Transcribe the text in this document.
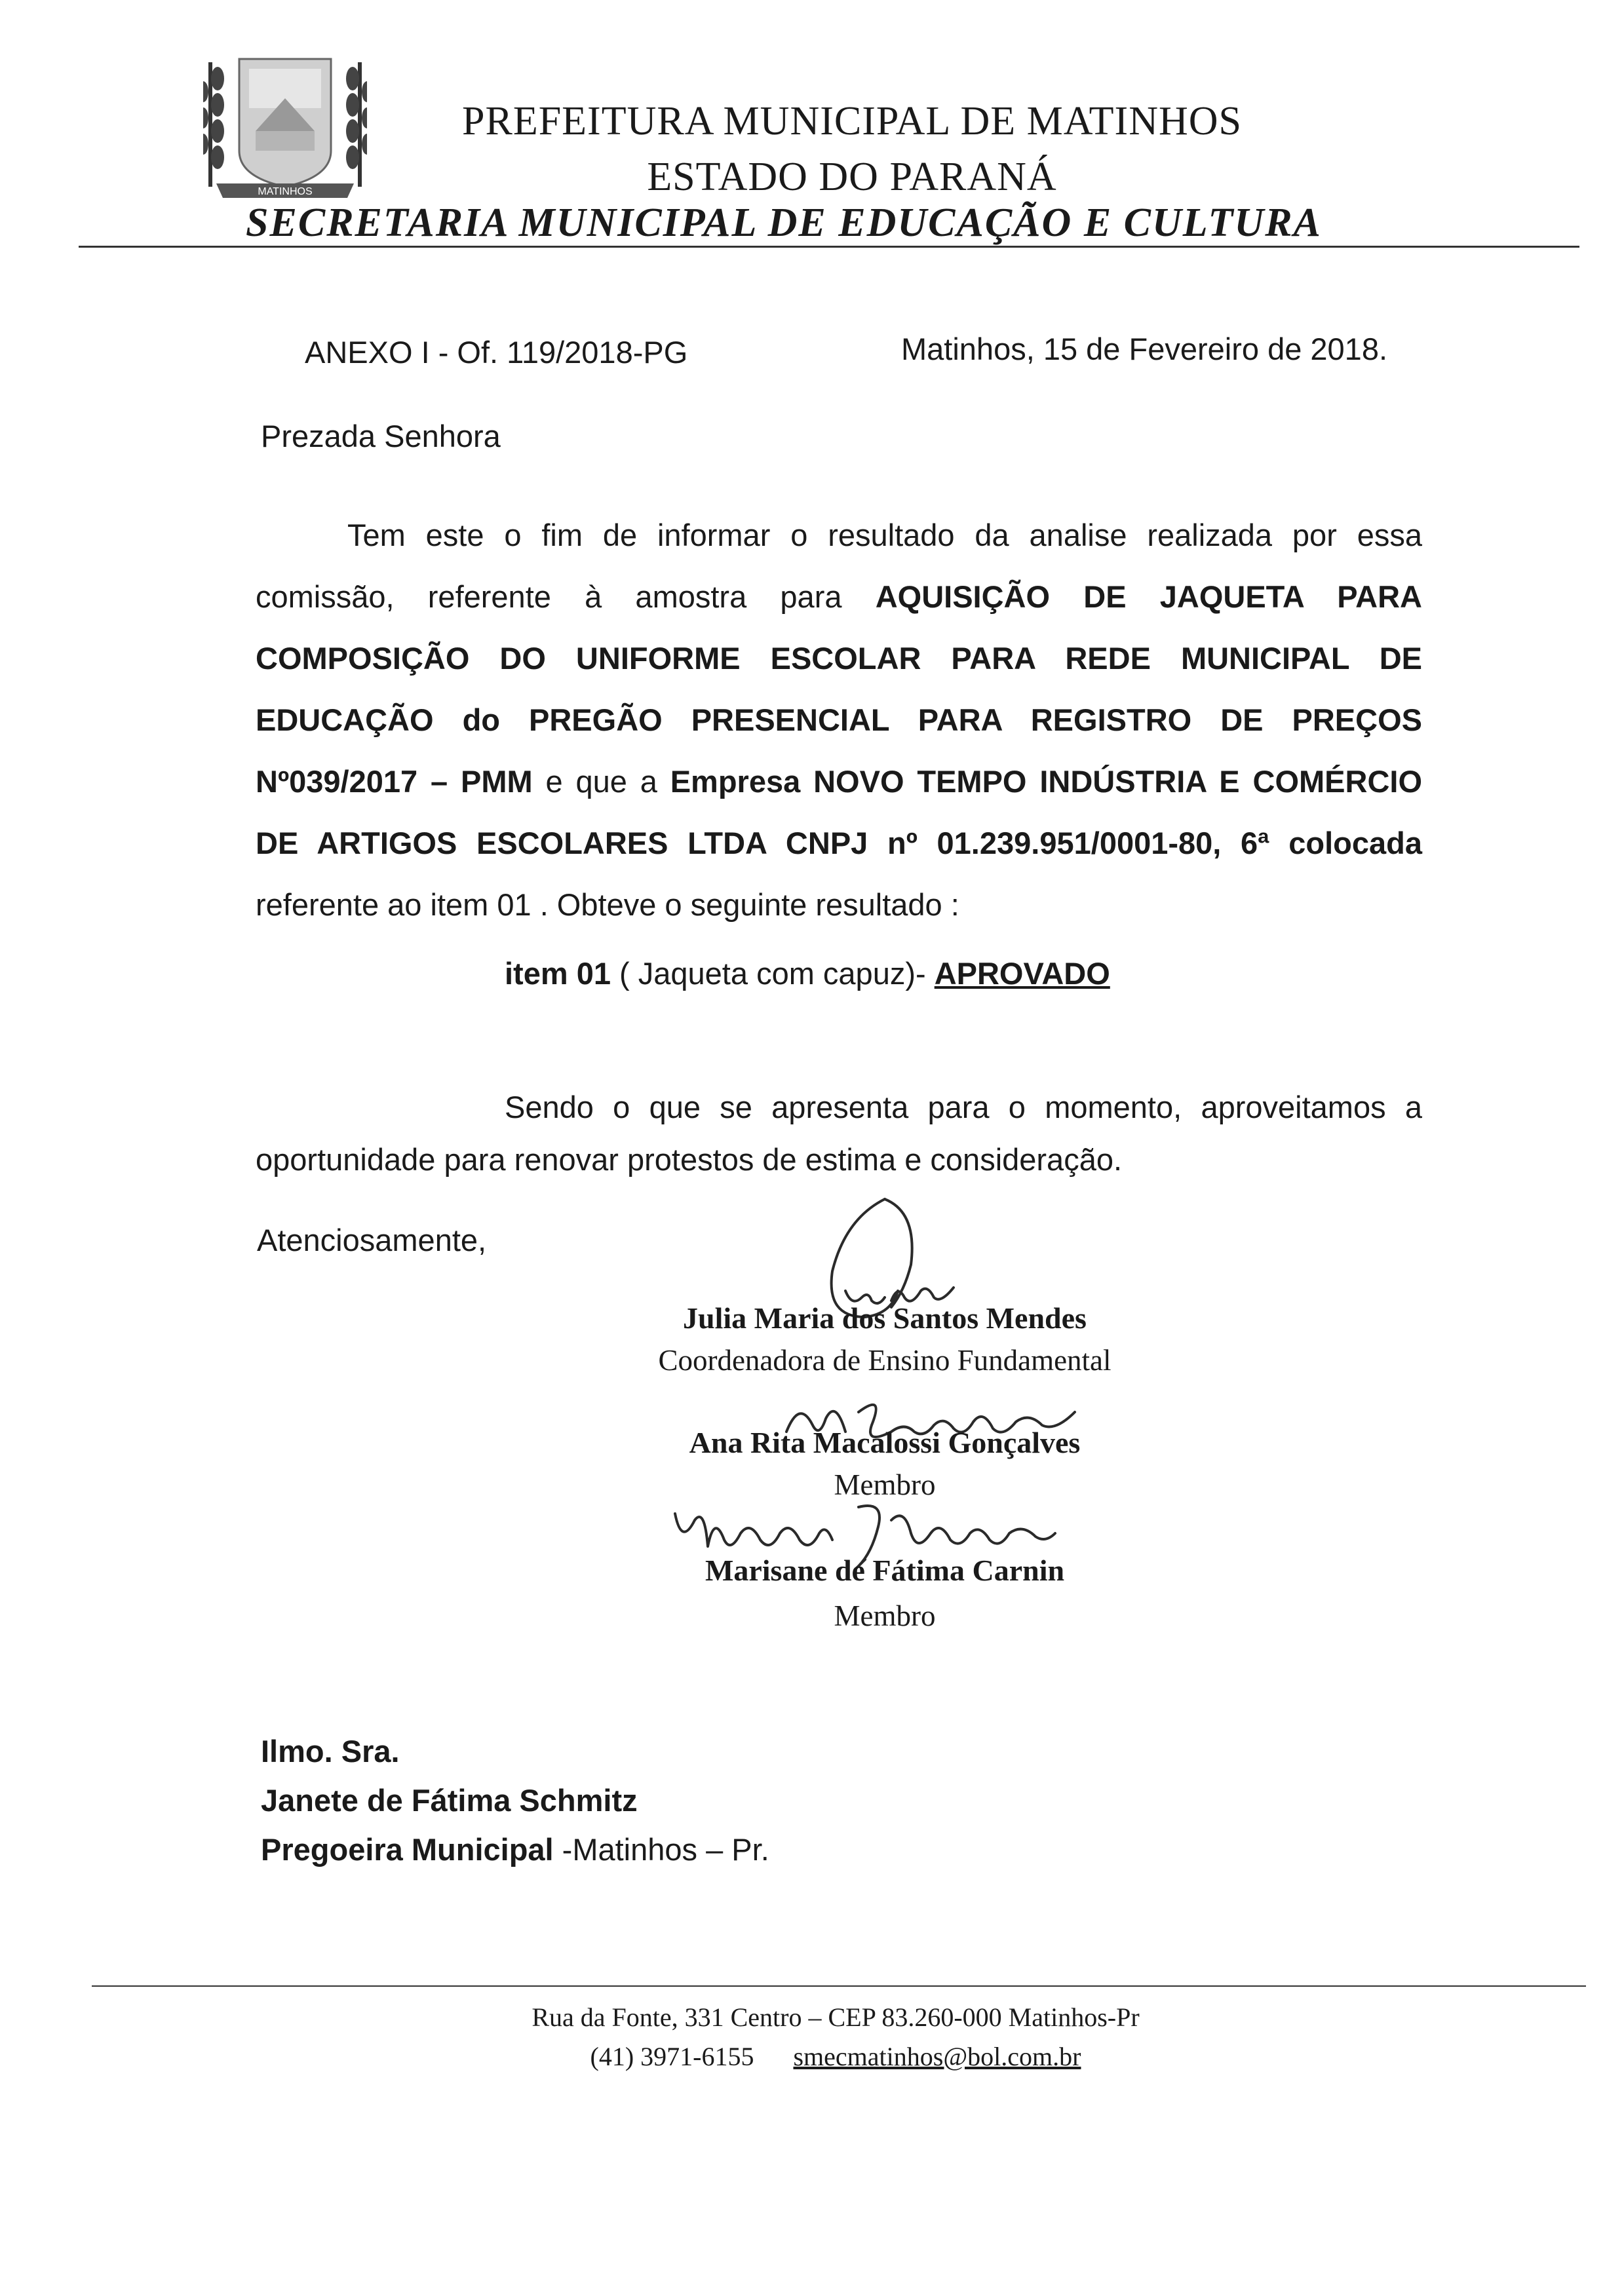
MATINHOS
PREFEITURA MUNICIPAL DE MATINHOS
ESTADO DO PARANÁ
SECRETARIA MUNICIPAL DE EDUCAÇÃO E CULTURA
ANEXO I - Of. 119/2018-PG	Matinhos, 15 de Fevereiro de 2018.
Prezada Senhora
Tem este o fim de informar o resultado da analise realizada por essa comissão, referente à amostra para AQUISIÇÃO DE JAQUETA PARA COMPOSIÇÃO DO UNIFORME ESCOLAR PARA REDE MUNICIPAL DE EDUCAÇÃO do PREGÃO PRESENCIAL PARA REGISTRO DE PREÇOS Nº039/2017 – PMM e que a Empresa NOVO TEMPO INDÚSTRIA E COMÉRCIO DE ARTIGOS ESCOLARES LTDA CNPJ nº 01.239.951/0001-80, 6ª colocada referente ao item 01 . Obteve o seguinte resultado :
item 01 ( Jaqueta com capuz)- APROVADO
Sendo o que se apresenta para o momento, aproveitamos a oportunidade para renovar protestos de estima e consideração.
Atenciosamente,
Julia Maria dos Santos Mendes
Coordenadora de Ensino Fundamental
Ana Rita Macalossi Gonçalves
Membro
Marisane de Fátima Carnin
Membro
Ilmo. Sra.
Janete de Fátima Schmitz
Pregoeira Municipal -Matinhos – Pr.
Rua da Fonte, 331 Centro – CEP 83.260-000 Matinhos-Pr
(41) 3971-6155 smecmatinhos@bol.com.br
